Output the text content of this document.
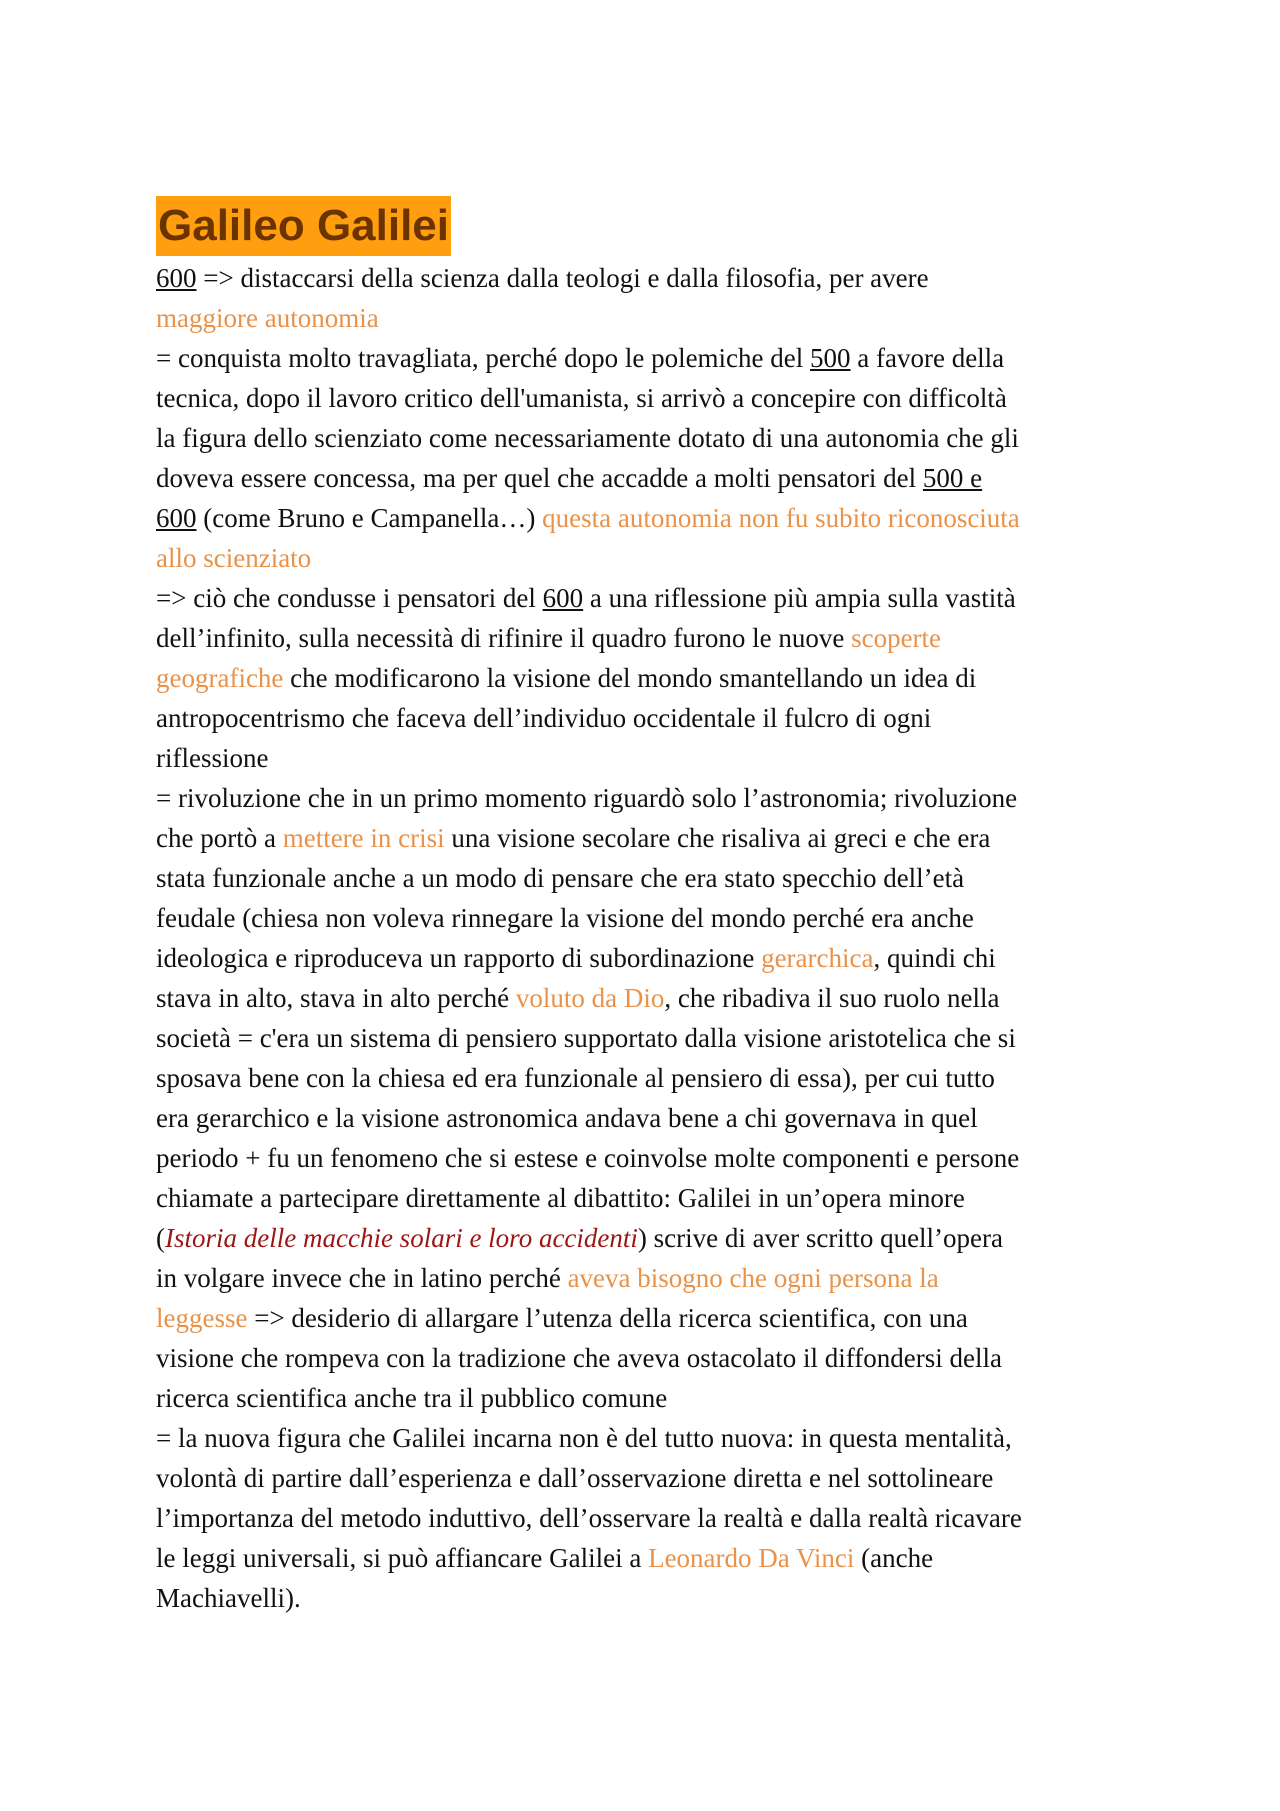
Galileo Galilei
600 => distaccarsi della scienza dalla teologi e dalla filosofia, per avere
maggiore autonomia
= conquista molto travagliata, perché dopo le polemiche del 500 a favore della
tecnica, dopo il lavoro critico dell'umanista, si arrivò a concepire con difficoltà
la figura dello scienziato come necessariamente dotato di una autonomia che gli
doveva essere concessa, ma per quel che accadde a molti pensatori del 500 e
600 (come Bruno e Campanella…) questa autonomia non fu subito riconosciuta
allo scienziato
=> ciò che condusse i pensatori del 600 a una riflessione più ampia sulla vastità
dell’infinito, sulla necessità di rifinire il quadro furono le nuove scoperte
geografiche che modificarono la visione del mondo smantellando un idea di
antropocentrismo che faceva dell’individuo occidentale il fulcro di ogni
riflessione
= rivoluzione che in un primo momento riguardò solo l’astronomia; rivoluzione
che portò a mettere in crisi una visione secolare che risaliva ai greci e che era
stata funzionale anche a un modo di pensare che era stato specchio dell’età
feudale (chiesa non voleva rinnegare la visione del mondo perché era anche
ideologica e riproduceva un rapporto di subordinazione gerarchica, quindi chi
stava in alto, stava in alto perché voluto da Dio, che ribadiva il suo ruolo nella
società = c'era un sistema di pensiero supportato dalla visione aristotelica che si
sposava bene con la chiesa ed era funzionale al pensiero di essa), per cui tutto
era gerarchico e la visione astronomica andava bene a chi governava in quel
periodo + fu un fenomeno che si estese e coinvolse molte componenti e persone
chiamate a partecipare direttamente al dibattito: Galilei in un’opera minore
(Istoria delle macchie solari e loro accidenti) scrive di aver scritto quell’opera
in volgare invece che in latino perché aveva bisogno che ogni persona la
leggesse => desiderio di allargare l’utenza della ricerca scientifica, con una
visione che rompeva con la tradizione che aveva ostacolato il diffondersi della
ricerca scientifica anche tra il pubblico comune
= la nuova figura che Galilei incarna non è del tutto nuova: in questa mentalità,
volontà di partire dall’esperienza e dall’osservazione diretta e nel sottolineare
l’importanza del metodo induttivo, dell’osservare la realtà e dalla realtà ricavare
le leggi universali, si può affiancare Galilei a Leonardo Da Vinci (anche
Machiavelli).
